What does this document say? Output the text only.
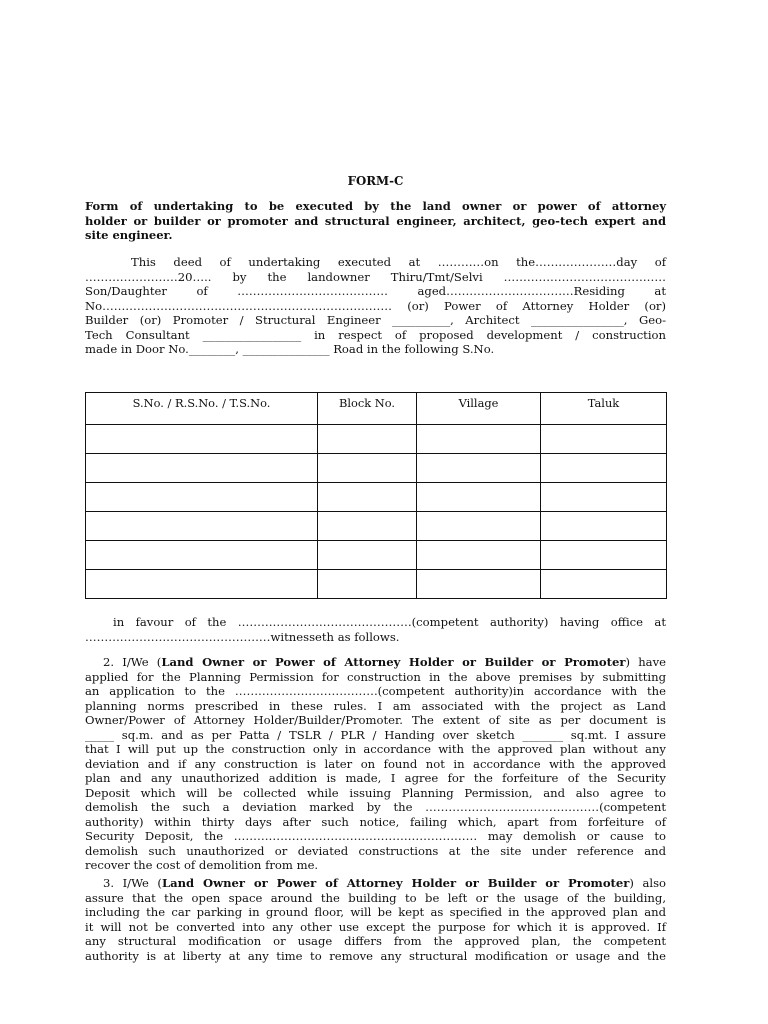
FORM-C
Form of undertaking to be executed by the land owner or power of attorney
holder or builder or promoter and structural engineer, architect, geo-tech expert and
site engineer.
This deed of undertaking executed at …………on the…………………day of
……………………20….. by the landowner Thiru/Tmt/Selvi ……………………………………
Son/Daughter of ………………………………… aged……………………………Residing at
No………………………………………………………………… (or) Power of Attorney Holder (or)
Builder (or) Promoter / Structural Engineer __________, Architect ________________, Geo-
Tech Consultant _________________ in respect of proposed development / construction
made in Door No.________, _______________ Road in the following S.No.
S.No. / R.S.No. / T.S.No.	Block No.	Village	Taluk

in favour of the ………………………………………(competent authority) having office at
…………………………………………witnesseth as follows.
2. I/We (Land Owner or Power of Attorney Holder or Builder or Promoter) have
applied for the Planning Permission for construction in the above premises by submitting
an application to the ……………………………….(competent authority)in accordance with the
planning norms prescribed in these rules. I am associated with the project as Land
Owner/Power of Attorney Holder/Builder/Promoter. The extent of site as per document is
_____ sq.m. and as per Patta / TSLR / PLR / Handing over sketch _______ sq.mt. I assure
that I will put up the construction only in accordance with the approved plan without any
deviation and if any construction is later on found not in accordance with the approved
plan and any unauthorized addition is made, I agree for the forfeiture of the Security
Deposit which will be collected while issuing Planning Permission, and also agree to
demolish the such a deviation marked by the ………………………………………(competent
authority) within thirty days after such notice, failing which, apart from forfeiture of
Security Deposit, the ……………………………………………………… may demolish or cause to
demolish such unauthorized or deviated constructions at the site under reference and
recover the cost of demolition from me.
3. I/We (Land Owner or Power of Attorney Holder or Builder or Promoter) also
assure that the open space around the building to be left or the usage of the building,
including the car parking in ground floor, will be kept as specified in the approved plan and
it will not be converted into any other use except the purpose for which it is approved. If
any structural modification or usage differs from the approved plan, the competent
authority is at liberty at any time to remove any structural modification or usage and the
